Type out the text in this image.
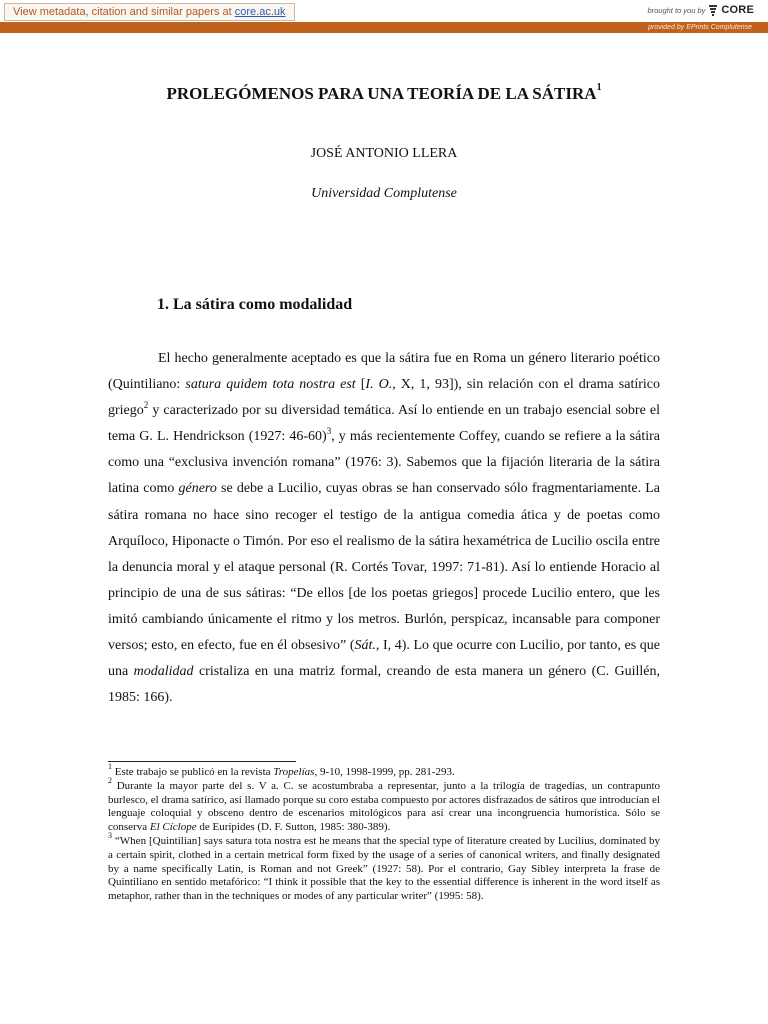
View metadata, citation and similar papers at core.ac.uk	brought to you by CORE
provided by EPrints Complutense
PROLEGÓMENOS PARA UNA TEORÍA DE LA SÁTIRA$^1$
JOSÉ ANTONIO LLERA
Universidad Complutense
1. La sátira como modalidad

El hecho generalmente aceptado es que la sátira fue en Roma un género literario poético (Quintiliano: satura quidem tota nostra est [I. O., X, 1, 93]), sin relación con el drama satírico griego$^2$ y caracterizado por su diversidad temática. Así lo entiende en un trabajo esencial sobre el tema G. L. Hendrickson (1927: 46-60)$^3$, y más recientemente Coffey, cuando se refiere a la sátira como una “exclusiva invención romana” (1976: 3). Sabemos que la fijación literaria de la sátira latina como género se debe a Lucilio, cuyas obras se han conservado sólo fragmentariamente. La sátira romana no hace sino recoger el testigo de la antigua comedia ática y de poetas como Arquíloco, Hiponacte o Timón. Por eso el realismo de la sátira hexamétrica de Lucilio oscila entre la denuncia moral y el ataque personal (R. Cortés Tovar, 1997: 71-81). Así lo entiende Horacio al principio de una de sus sátiras: “De ellos [de los poetas griegos] procede Lucilio entero, que les imitó cambiando únicamente el ritmo y los metros. Burlón, perspicaz, incansable para componer versos; esto, en efecto, fue en él obsesivo” (Sát., I, 4). Lo que ocurre con Lucilio, por tanto, es que una modalidad cristaliza en una matriz formal, creando de esta manera un género (C. Guillén, 1985: 166).

$^1$ Este trabajo se publicó en la revista Tropelías, 9-10, 1998-1999, pp. 281-293.

$^2$ Durante la mayor parte del s. V a. C. se acostumbraba a representar, junto a la trilogía de tragedias, un contrapunto burlesco, el drama satírico, así llamado porque su coro estaba compuesto por actores disfrazados de sátiros que introducían el lenguaje coloquial y obsceno dentro de escenarios mitológicos para así crear una incongruencia humorística. Sólo se conserva El Cíclope de Eurípides (D. F. Sutton, 1985: 380-389).

$^3$ “When [Quintilian] says satura tota nostra est he means that the special type of literature created by Lucilius, dominated by a certain spirit, clothed in a certain metrical form fixed by the usage of a series of canonical writers, and finally designated by a name specifically Latin, is Roman and not Greek” (1927: 58). Por el contrario, Gay Sibley interpreta la frase de Quintiliano en sentido metafórico: “I think it possible that the key to the essential difference is inherent in the word itself as metaphor, rather than in the techniques or modes of any particular writer” (1995: 58).
